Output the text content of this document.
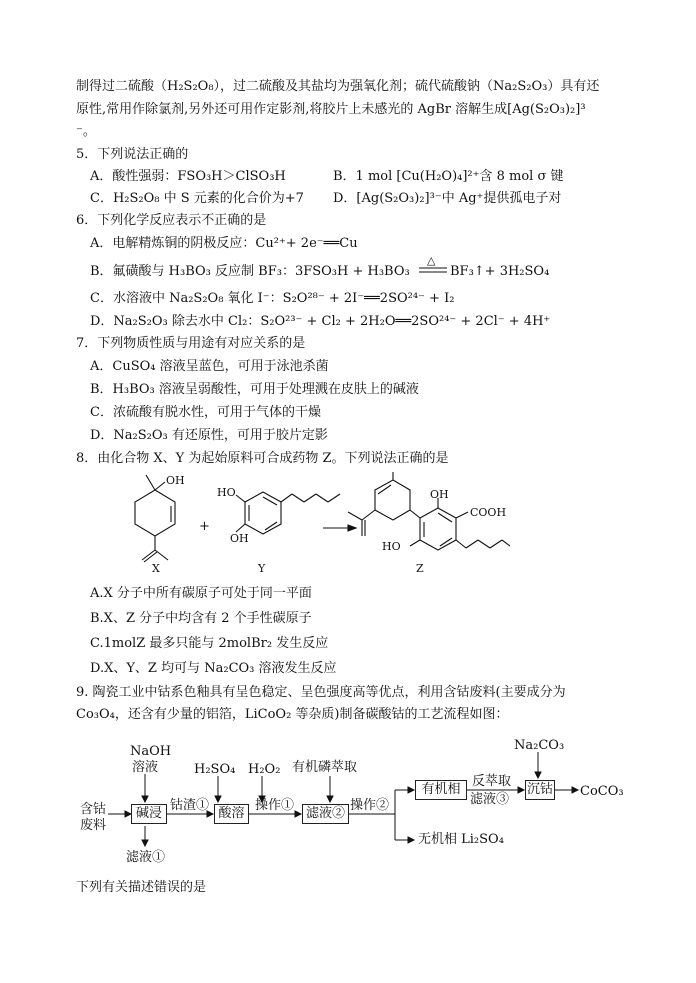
制得过二硫酸（H₂S₂O₈），过二硫酸及其盐均为强氧化剂；硫代硫酸钠（Na₂S₂O₃）具有还
原性,常用作除氯剂,另外还可用作定影剂,将胶片上未感光的 AgBr 溶解生成[Ag(S₂O₃)₂]³
⁻。
5．下列说法正确的
A．酸性强弱：FSO₃H＞ClSO₃H	B．1 mol [Cu(H₂O)₄]²⁺含 8 mol σ 键
C．H₂S₂O₈ 中 S 元素的化合价为+7 D．[Ag(S₂O₃)₂]³⁻中 Ag⁺提供孤电子对
6．下列化学反应表示不正确的是
A．电解精炼铜的阴极反应：Cu²⁺+ 2e⁻══Cu
B．氟磺酸与 H₃BO₃ 反应制 BF₃：3FSO₃H + H₃BO₃
△
BF₃↑+ 3H₂SO₄
C．水溶液中 Na₂S₂O₈ 氧化 I⁻：S₂O²⁸⁻ + 2I⁻══2SO²⁴⁻ + I₂
D．Na₂S₂O₃ 除去水中 Cl₂：S₂O²³⁻ + Cl₂ + 2H₂O══2SO²⁴⁻ + 2Cl⁻ + 4H⁺
7．下列物质性质与用途有对应关系的是
A．CuSO₄ 溶液呈蓝色，可用于泳池杀菌
B．H₃BO₃ 溶液呈弱酸性，可用于处理溅在皮肤上的碱液
C．浓硫酸有脱水性，可用于气体的干燥
D．Na₂S₂O₃ 有还原性，可用于胶片定影
8．由化合物 X、Y 为起始原料可合成药物 Z。下列说法正确的是
OH
HO
OH
OH
COOH
HO
+
X	Y	Z
A.X 分子中所有碳原子可处于同一平面
B.X、Z 分子中均含有 2 个手性碳原子
C.1molZ 最多只能与 2molBr₂ 发生反应
D.X、Y、Z 均可与 Na₂CO₃ 溶液发生反应
9. 陶瓷工业中钴系色釉具有呈色稳定、呈色强度高等优点，利用含钴废料(主要成分为
Co₃O₄，还含有少量的铝箔，LiCoO₂ 等杂质)制备碳酸钴的工艺流程如图：
NaOH
溶液	H₂SO₄ H₂O₂ 有机磷萃取
Na₂CO₃
含钴
废料
碱浸
钴渣①
酸溶
操作①
滤液②
操作②
有机相
反萃取
滤液③
沉钴 CoCO₃
滤液①
无机相 Li₂SO₄
下列有关描述错误的是
